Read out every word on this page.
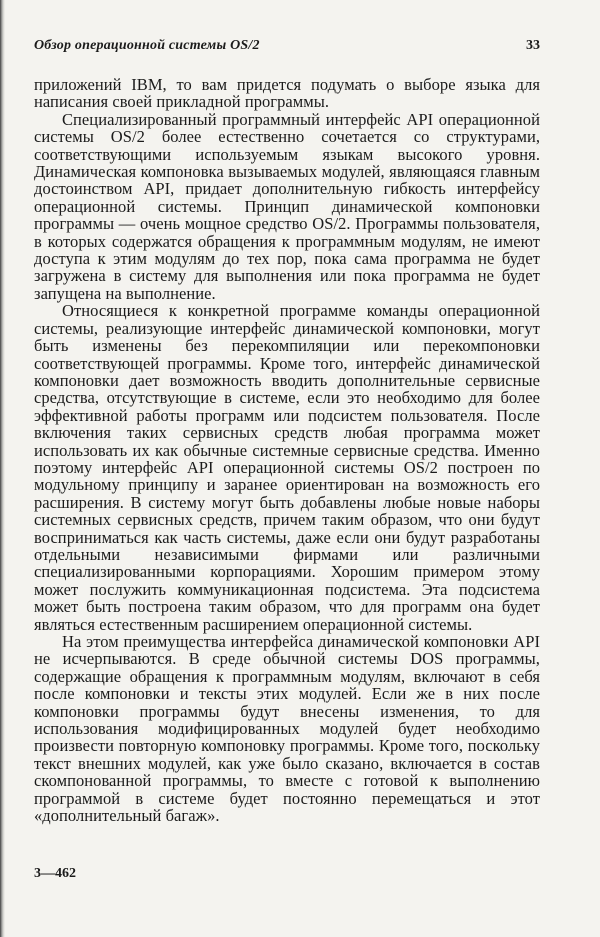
Обзор операционной системы OS/2	33

приложений IBM, то вам придется подумать о выборе языка для написания своей прикладной программы.

Специализированный программный интерфейс API операционной системы OS/2 более естественно сочетается со структурами, соответствующими используемым языкам высокого уровня. Динамическая компоновка вызываемых модулей, являющаяся главным достоинством API, придает дополнительную гибкость интерфейсу операционной системы. Принцип динамической компоновки программы — очень мощное средство OS/2. Программы пользователя, в которых содержатся обращения к программным модулям, не имеют доступа к этим модулям до тех пор, пока сама программа не будет загружена в систему для выполнения или пока программа не будет запущена на выполнение.

Относящиеся к конкретной программе команды операционной системы, реализующие интерфейс динамической компоновки, могут быть изменены без перекомпиляции или перекомпоновки соответствующей программы. Кроме того, интерфейс динамической компоновки дает возможность вводить дополнительные сервисные средства, отсутствующие в системе, если это необходимо для более эффективной работы программ или подсистем пользователя. После включения таких сервисных средств любая программа может использовать их как обычные системные сервисные средства. Именно поэтому интерфейс API операционной системы OS/2 построен по модульному принципу и заранее ориентирован на возможность его расширения. В систему могут быть добавлены любые новые наборы системных сервисных средств, причем таким образом, что они будут восприниматься как часть системы, даже если они будут разработаны отдельными независимыми фирмами или различными специализированными корпорациями. Хорошим примером этому может послужить коммуникационная подсистема. Эта подсистема может быть построена таким образом, что для программ она будет являться естественным расширением операционной системы.

На этом преимущества интерфейса динамической компоновки API не исчерпываются. В среде обычной системы DOS программы, содержащие обращения к программным модулям, включают в себя после компоновки и тексты этих модулей. Если же в них после компоновки программы будут внесены изменения, то для использования модифицированных модулей будет необходимо произвести повторную компоновку программы. Кроме того, поскольку текст внешних модулей, как уже было сказано, включается в состав скомпонованной программы, то вместе с готовой к выполнению программой в системе будет постоянно перемещаться и этот «дополнительный багаж».

3—462
